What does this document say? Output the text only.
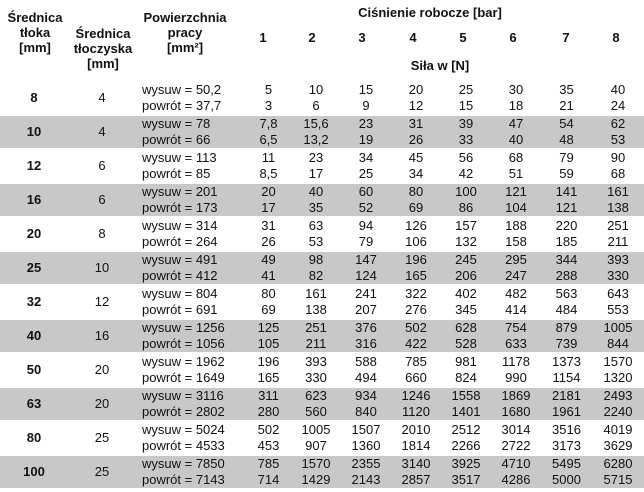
Średnica
tłoka
[mm]
Średnica
tłoczyska
[mm]
Powierzchnia
pracy
[mm²]
Ciśnienie robocze [bar]
1	2	3	4	5	6	7	8
Siła w [N]
8	4	wysuw = 50,2	5	10	15	20	25	30	35	40
		powrót = 37,7	3	6	9	12	15	18	21	24
10	4	wysuw = 78	7,8	15,6	23	31	39	47	54	62
		powrót = 66	6,5	13,2	19	26	33	40	48	53
12	6	wysuw = 113	11	23	34	45	56	68	79	90
		powrót = 85	8,5	17	25	34	42	51	59	68
16	6	wysuw = 201	20	40	60	80	100	121	141	161
		powrót = 173	17	35	52	69	86	104	121	138
20	8	wysuw = 314	31	63	94	126	157	188	220	251
		powrót = 264	26	53	79	106	132	158	185	211
25	10	wysuw = 491	49	98	147	196	245	295	344	393
		powrót = 412	41	82	124	165	206	247	288	330
32	12	wysuw = 804	80	161	241	322	402	482	563	643
		powrót = 691	69	138	207	276	345	414	484	553
40	16	wysuw = 1256	125	251	376	502	628	754	879	1005
		powrót = 1056	105	211	316	422	528	633	739	844
50	20	wysuw = 1962	196	393	588	785	981	1178	1373	1570
		powrót = 1649	165	330	494	660	824	990	1154	1320
63	20	wysuw = 3116	311	623	934	1246	1558	1869	2181	2493
		powrót = 2802	280	560	840	1120	1401	1680	1961	2240
80	25	wysuw = 5024	502	1005	1507	2010	2512	3014	3516	4019
		powrót = 4533	453	907	1360	1814	2266	2722	3173	3629
100	25	wysuw = 7850	785	1570	2355	3140	3925	4710	5495	6280
		powrót = 7143	714	1429	2143	2857	3517	4286	5000	5715
